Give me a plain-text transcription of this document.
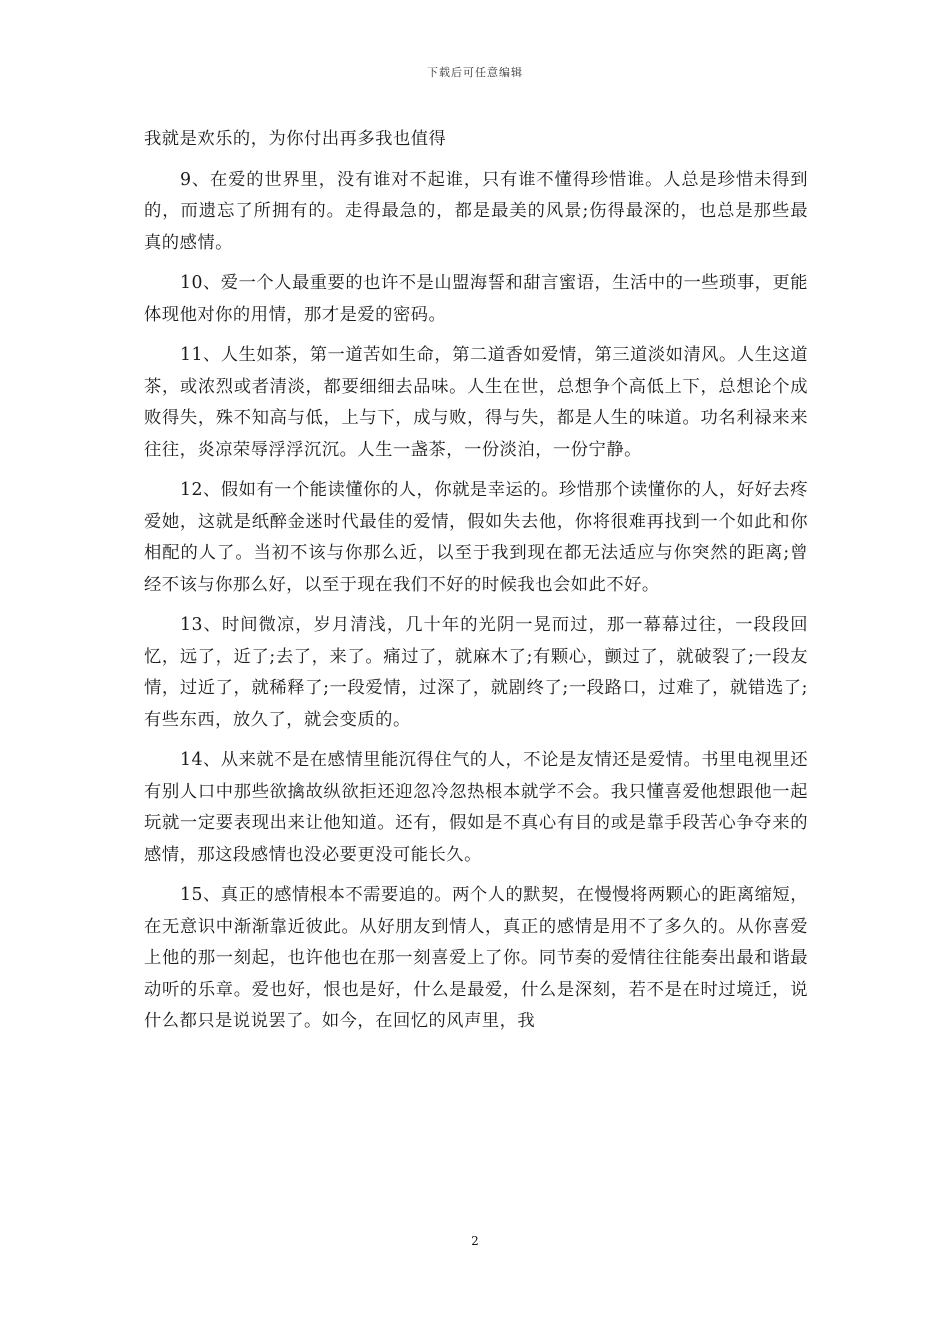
下载后可任意编辑

我就是欢乐的，为你付出再多我也值得

9、在爱的世界里，没有谁对不起谁，只有谁不懂得珍惜谁。人总是珍惜未得到的，而遗忘了所拥有的。走得最急的，都是最美的风景;伤得最深的，也总是那些最真的感情。

10、爱一个人最重要的也许不是山盟海誓和甜言蜜语，生活中的一些琐事，更能体现他对你的用情，那才是爱的密码。

11、人生如茶，第一道苦如生命，第二道香如爱情，第三道淡如清风。人生这道茶，或浓烈或者清淡，都要细细去品味。人生在世，总想争个高低上下，总想论个成败得失，殊不知高与低，上与下，成与败，得与失，都是人生的味道。功名利禄来来往往，炎凉荣辱浮浮沉沉。人生一盏茶，一份淡泊，一份宁静。

12、假如有一个能读懂你的人，你就是幸运的。珍惜那个读懂你的人，好好去疼爱她，这就是纸醉金迷时代最佳的爱情，假如失去他，你将很难再找到一个如此和你相配的人了。当初不该与你那么近，以至于我到现在都无法适应与你突然的距离;曾经不该与你那么好，以至于现在我们不好的时候我也会如此不好。

13、时间微凉，岁月清浅，几十年的光阴一晃而过，那一幕幕过往，一段段回忆，远了，近了;去了，来了。痛过了，就麻木了;有颗心，颤过了，就破裂了;一段友情，过近了，就稀释了;一段爱情，过深了，就剧终了;一段路口，过难了，就错选了;有些东西，放久了，就会变质的。

14、从来就不是在感情里能沉得住气的人，不论是友情还是爱情。书里电视里还有别人口中那些欲擒故纵欲拒还迎忽冷忽热根本就学不会。我只懂喜爱他想跟他一起玩就一定要表现出来让他知道。还有，假如是不真心有目的或是靠手段苦心争夺来的感情，那这段感情也没必要更没可能长久。

15、真正的感情根本不需要追的。两个人的默契，在慢慢将两颗心的距离缩短，在无意识中渐渐靠近彼此。从好朋友到情人，真正的感情是用不了多久的。从你喜爱上他的那一刻起，也许他也在那一刻喜爱上了你。同节奏的爱情往往能奏出最和谐最动听的乐章。爱也好，恨也是好，什么是最爱，什么是深刻，若不是在时过境迁，说什么都只是说说罢了。如今，在回忆的风声里，我

2
